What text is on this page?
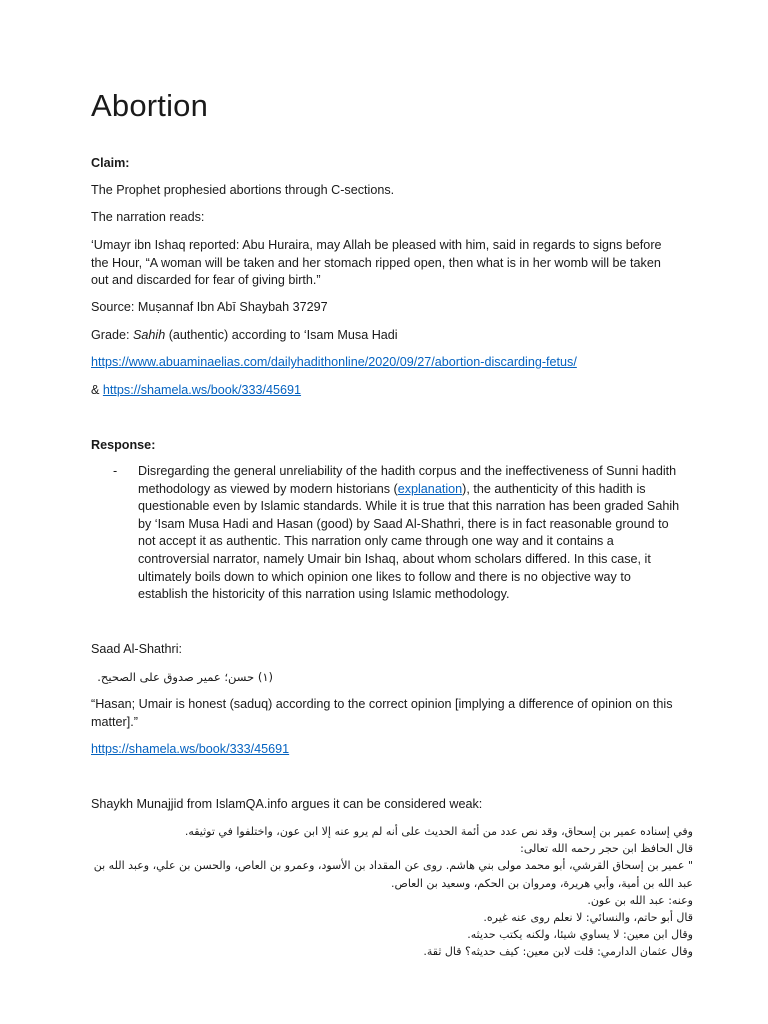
Abortion

Claim:

The Prophet prophesied abortions through C-sections.

The narration reads:

‘Umayr ibn Ishaq reported: Abu Huraira, may Allah be pleased with him, said in regards to signs before the Hour, “A woman will be taken and her stomach ripped open, then what is in her womb will be taken out and discarded for fear of giving birth.”

Source: Muṣannaf Ibn Abī Shaybah 37297

Grade: Sahih (authentic) according to ‘Isam Musa Hadi

https://www.abuaminaelias.com/dailyhadithonline/2020/09/27/abortion-discarding-fetus/

& https://shamela.ws/book/333/45691

Response:

- Disregarding the general unreliability of the hadith corpus and the ineffectiveness of Sunni hadith methodology as viewed by modern historians (explanation), the authenticity of this hadith is questionable even by Islamic standards. While it is true that this narration has been graded Sahih by ‘Isam Musa Hadi and Hasan (good) by Saad Al-Shathri, there is in fact reasonable ground to not accept it as authentic. This narration only came through one way and it contains a controversial narrator, namely Umair bin Ishaq, about whom scholars differed. In this case, it ultimately boils down to which opinion one likes to follow and there is no objective way to establish the historicity of this narration using Islamic methodology.

Saad Al-Shathri:

(١) حسن؛ عمير صدوق على الصحيح.

“Hasan; Umair is honest (saduq) according to the correct opinion [implying a difference of opinion on this matter].”

https://shamela.ws/book/333/45691

Shaykh Munajjid from IslamQA.info argues it can be considered weak:

وفي إسناده عمير بن إسحاق، وقد نص عدد من أئمة الحديث على أنه لم يرو عنه إلا ابن عون، واختلفوا في توثيقه.
قال الحافظ ابن حجر رحمه الله تعالى:
" عمير بن إسحاق القرشي، أبو محمد مولى بني هاشم. روى عن المقداد بن الأسود، وعمرو بن العاص، والحسن بن علي، وعبد الله بن عبد الله بن أمية، وأبي هريرة، ومروان بن الحكم، وسعيد بن العاص.
وعنه: عبد الله بن عون.
قال أبو حاتم، والنسائي: لا نعلم روى عنه غيره.
وقال ابن معين: لا يساوي شيئا، ولكنه يكتب حديثه.
وقال عثمان الدارمي: قلت لابن معين: كيف حديثه؟ قال ثقة.
